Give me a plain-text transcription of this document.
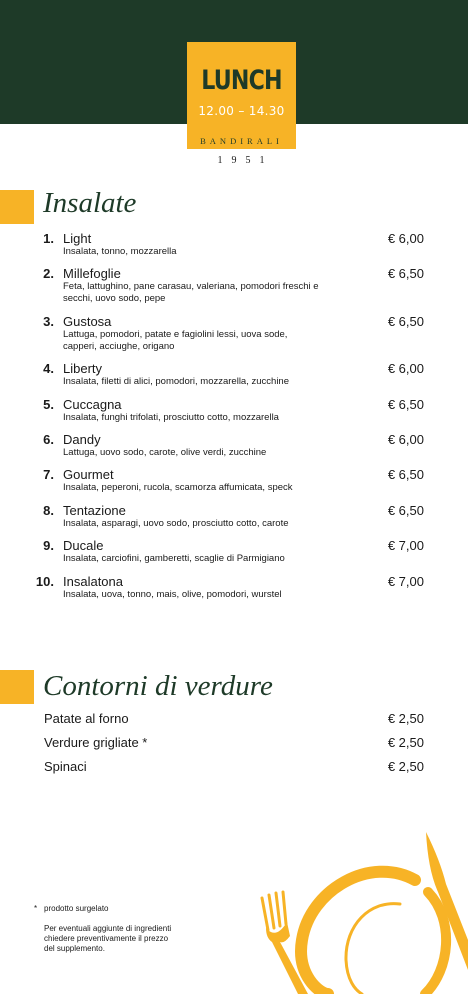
LUNCH
12.00 – 14.30
BANDIRALI
1951
Insalate
1. Light
Insalata, tonno, mozzarella
€ 6,00
2. Millefoglie
Feta, lattughino, pane carasau, valeriana, pomodori freschi e secchi, uovo sodo, pepe
€ 6,50
3. Gustosa
Lattuga, pomodori, patate e fagiolini lessi, uova sode, capperi, acciughe, origano
€ 6,50
4. Liberty
Insalata, filetti di alici, pomodori, mozzarella, zucchine
€ 6,00
5. Cuccagna
Insalata, funghi trifolati, prosciutto cotto, mozzarella
€ 6,50
6. Dandy
Lattuga, uovo sodo, carote, olive verdi, zucchine
€ 6,00
7. Gourmet
Insalata, peperoni, rucola, scamorza affumicata, speck
€ 6,50
8. Tentazione
Insalata, asparagi, uovo sodo, prosciutto cotto, carote
€ 6,50
9. Ducale
Insalata, carciofini, gamberetti, scaglie di Parmigiano
€ 7,00
10. Insalatona
Insalata, uova, tonno, mais, olive, pomodori, wurstel
€ 7,00
Contorni di verdure
Patate al forno	€ 2,50
Verdure grigliate *	€ 2,50
Spinaci	€ 2,50
* prodotto surgelato
Per eventuali aggiunte di ingredienti chiedere preventivamente il prezzo del supplemento.
